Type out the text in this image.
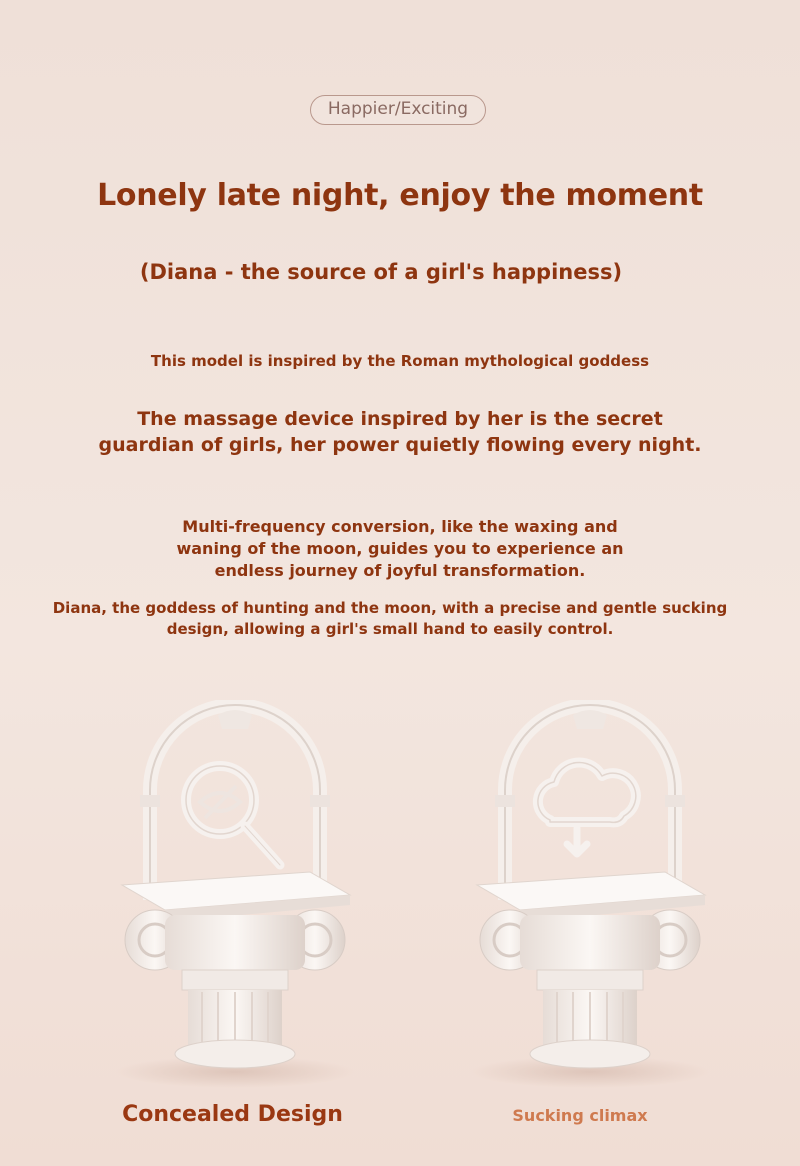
Happier/Exciting
Lonely late night, enjoy the moment
(Diana - the source of a girl's happiness)
This model is inspired by the Roman mythological goddess
The massage device inspired by her is the secret
guardian of girls, her power quietly flowing every night.
Multi-frequency conversion, like the waxing and
waning of the moon, guides you to experience an
endless journey of joyful transformation.
Diana, the goddess of hunting and the moon, with a precise and gentle sucking
design, allowing a girl's small hand to easily control.
Concealed Design	Sucking climax
